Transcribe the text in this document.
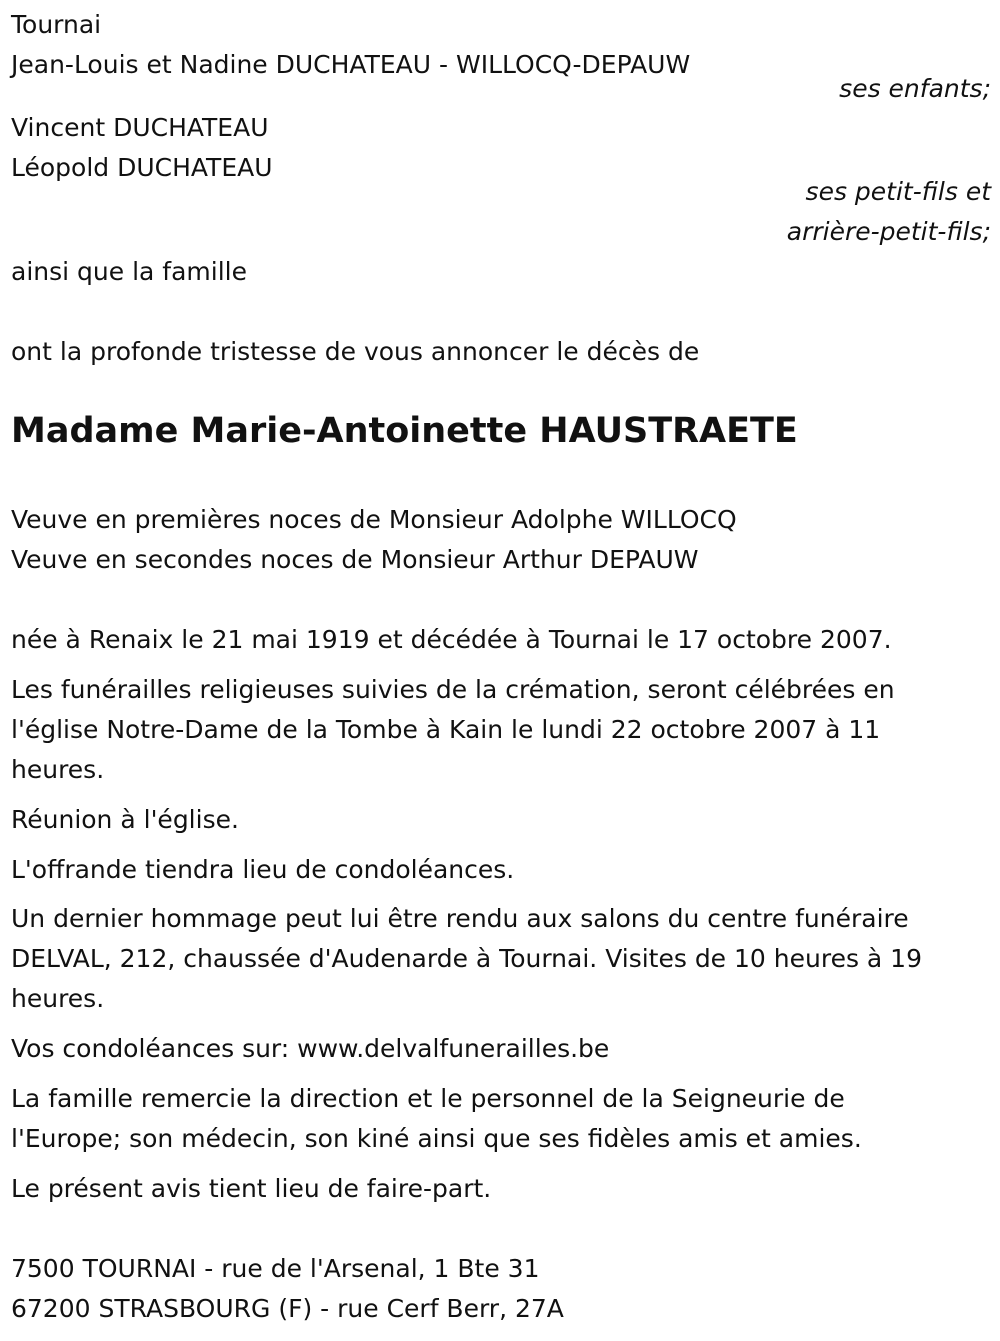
Tournai
Jean-Louis et Nadine DUCHATEAU - WILLOCQ-DEPAUW
ses enfants;
Vincent DUCHATEAU
Léopold DUCHATEAU
ses petit-fils et
arrière-petit-fils;
ainsi que la famille
ont la profonde tristesse de vous annoncer le décès de
Madame Marie-Antoinette HAUSTRAETE
Veuve en premières noces de Monsieur Adolphe WILLOCQ
Veuve en secondes noces de Monsieur Arthur DEPAUW
née à Renaix le 21 mai 1919 et décédée à Tournai le 17 octobre 2007.
Les funérailles religieuses suivies de la crémation, seront célébrées en l'église Notre-Dame de la Tombe à Kain le lundi 22 octobre 2007 à 11 heures.
Réunion à l'église.
L'offrande tiendra lieu de condoléances.
Un dernier hommage peut lui être rendu aux salons du centre funéraire DELVAL, 212, chaussée d'Audenarde à Tournai. Visites de 10 heures à 19 heures.
Vos condoléances sur: www.delvalfunerailles.be
La famille remercie la direction et le personnel de la Seigneurie de l'Europe; son médecin, son kiné ainsi que ses fidèles amis et amies.
Le présent avis tient lieu de faire-part.
7500 TOURNAI - rue de l'Arsenal, 1 Bte 31
67200 STRASBOURG (F) - rue Cerf Berr, 27A
